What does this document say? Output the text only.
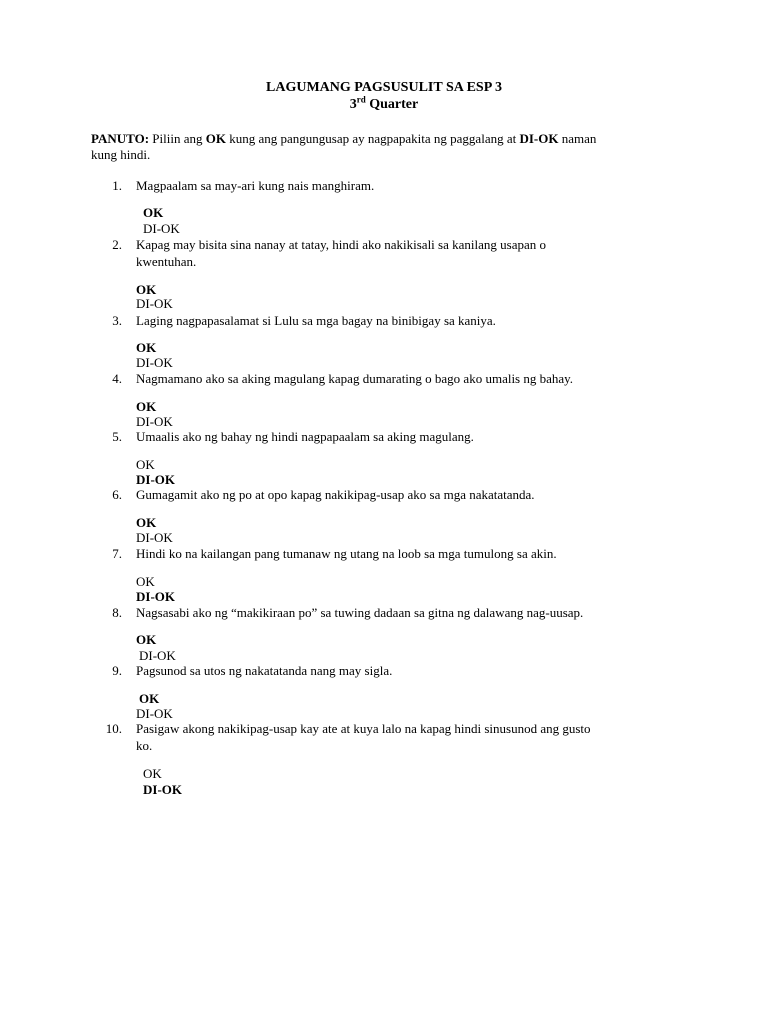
LAGUMANG PAGSUSULIT SA ESP 3
3rd Quarter
PANUTO: Piliin ang OK kung ang pangungusap ay nagpapakita ng paggalang at DI-OK naman
kung hindi.
1. Magpaalam sa may-ari kung nais manghiram.
OK
DI-OK
2. Kapag may bisita sina nanay at tatay, hindi ako nakikisali sa kanilang usapan o
kwentuhan.
OK
DI-OK
3. Laging nagpapasalamat si Lulu sa mga bagay na binibigay sa kaniya.
OK
DI-OK
4. Nagmamano ako sa aking magulang kapag dumarating o bago ako umalis ng bahay.
OK
DI-OK
5. Umaalis ako ng bahay ng hindi nagpapaalam sa aking magulang.
OK
DI-OK
6. Gumagamit ako ng po at opo kapag nakikipag-usap ako sa mga nakatatanda.
OK
DI-OK
7. Hindi ko na kailangan pang tumanaw ng utang na loob sa mga tumulong sa akin.
OK
DI-OK
8. Nagsasabi ako ng “makikiraan po” sa tuwing dadaan sa gitna ng dalawang nag-uusap.
OK
DI-OK
9. Pagsunod sa utos ng nakatatanda nang may sigla.
OK
DI-OK
10. Pasigaw akong nakikipag-usap kay ate at kuya lalo na kapag hindi sinusunod ang gusto
ko.
OK
DI-OK
